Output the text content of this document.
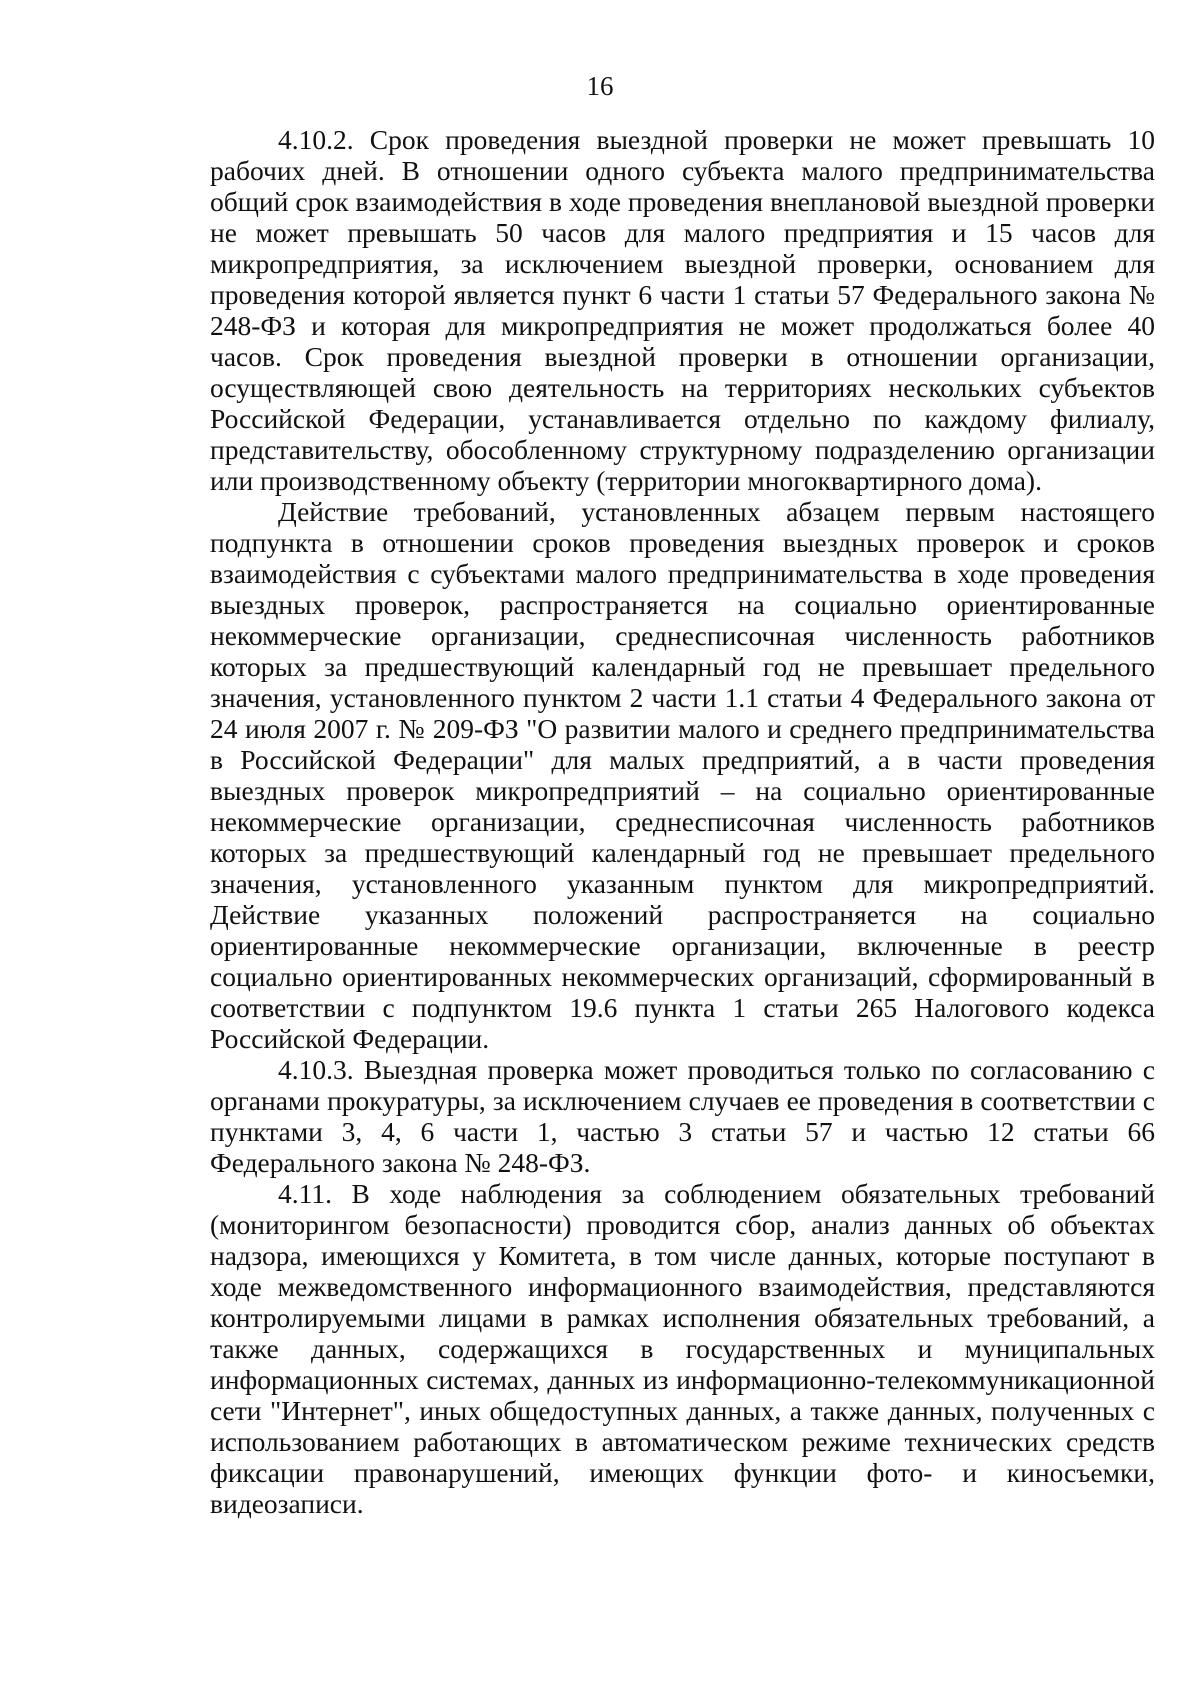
16

4.10.2. Срок проведения выездной проверки не может превышать 10 рабочих дней. В отношении одного субъекта малого предпринимательства общий срок взаимодействия в ходе проведения внеплановой выездной проверки не может превышать 50 часов для малого предприятия и 15 часов для микропредприятия, за исключением выездной проверки, основанием для проведения которой является пункт 6 части 1 статьи 57 Федерального закона № 248-ФЗ и которая для микропредприятия не может продолжаться более 40 часов. Срок проведения выездной проверки в отношении организации, осуществляющей свою деятельность на территориях нескольких субъектов Российской Федерации, устанавливается отдельно по каждому филиалу, представительству, обособленному структурному подразделению организации или производственному объекту (территории многоквартирного дома).

Действие требований, установленных абзацем первым настоящего подпункта в отношении сроков проведения выездных проверок и сроков взаимодействия с субъектами малого предпринимательства в ходе проведения выездных проверок, распространяется на социально ориентированные некоммерческие организации, среднесписочная численность работников которых за предшествующий календарный год не превышает предельного значения, установленного пунктом 2 части 1.1 статьи 4 Федерального закона от 24 июля 2007 г. № 209-ФЗ "О развитии малого и среднего предпринимательства в Российской Федерации" для малых предприятий, а в части проведения выездных проверок микропредприятий – на социально ориентированные некоммерческие организации, среднесписочная численность работников которых за предшествующий календарный год не превышает предельного значения, установленного указанным пунктом для микропредприятий. Действие указанных положений распространяется на социально ориентированные некоммерческие организации, включенные в реестр социально ориентированных некоммерческих организаций, сформированный в соответствии с подпунктом 19.6 пункта 1 статьи 265 Налогового кодекса Российской Федерации.

4.10.3. Выездная проверка может проводиться только по согласованию с органами прокуратуры, за исключением случаев ее проведения в соответствии с пунктами 3, 4, 6 части 1, частью 3 статьи 57 и частью 12 статьи 66 Федерального закона № 248-ФЗ.

4.11. В ходе наблюдения за соблюдением обязательных требований (мониторингом безопасности) проводится сбор, анализ данных об объектах надзора, имеющихся у Комитета, в том числе данных, которые поступают в ходе межведомственного информационного взаимодействия, представляются контролируемыми лицами в рамках исполнения обязательных требований, а также данных, содержащихся в государственных и муниципальных информационных системах, данных из информационно-телекоммуникационной сети "Интернет", иных общедоступных данных, а также данных, полученных с использованием работающих в автоматическом режиме технических средств фиксации правонарушений, имеющих функции фото- и киносъемки, видеозаписи.
